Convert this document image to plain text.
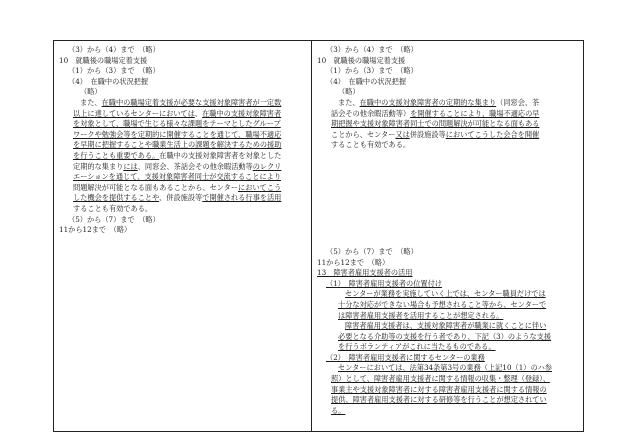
（3）から（4）まで　（略）
10　就職後の職場定着支援
（1）から（3）まで　（略）
（4）　在職中の状況把握
（略）
また、在職中の職場定着支援が必要な支援対象障害者が一定数
以上に達しているセンターにおいては、在職中の支援対象障害者
を対象として、職場で生じる様々な課題をテーマとしたグループ
ワークや勉強会等を定期的に開催することを通じて、職場不適応
を早期に把握することや職業生活上の課題を解決するための援助
を行うことも重要である。在職中の支援対象障害者を対象とした
定期的な集まりには、同窓会、茶話会その他余暇活動等のレクリ
エーションを通じて、支援対象障害者同士が交流することにより
問題解決が可能となる面もあることから、センターにおいてこう
した機会を提供することや、併設施設等で開催される行事を活用
することも有効である。
（5）から（7）まで　（略）
11から12まで　（略）
（3）から（4）まで　（略）
10　就職後の職場定着支援
（1）から（3）まで　（略）
（4）　在職中の状況把握
（略）
また、在職中の支援対象障害者の定期的な集まり（同窓会、茶
話会その他余暇活動等）を開催することにより、職場不適応の早
期把握や支援対象障害者同士での問題解決が可能となる面もある
ことから、センター又は併設施設等においてこうした会合を開催
することも有効である。
（5）から（7）まで　（略）
11から12まで　（略）
13　障害者雇用支援者の活用
（1）　障害者雇用支援者の位置付け
センターが業務を実施していく上では、センター職員だけでは
十分な対応ができない場合も予想されること等から、センターで
は障害者雇用支援者を活用することが想定される。
障害者雇用支援者は、支援対象障害者が職業に就くことに伴い
必要となる介助等の支援を行う者であり、下記（3）のような支援
を行うボランティアがこれに当たるものである。
（2）　障害者雇用支援者に関するセンターの業務
センターにおいては、法第34条第3号の業務（上記10（1）のハ参
照）として、障害者雇用支援者に関する情報の収集・整理（登録）、
事業主や支援対象障害者に対する障害者雇用支援者に関する情報の
提供、障害者雇用支援者に対する研修等を行うことが想定されてい
る。
